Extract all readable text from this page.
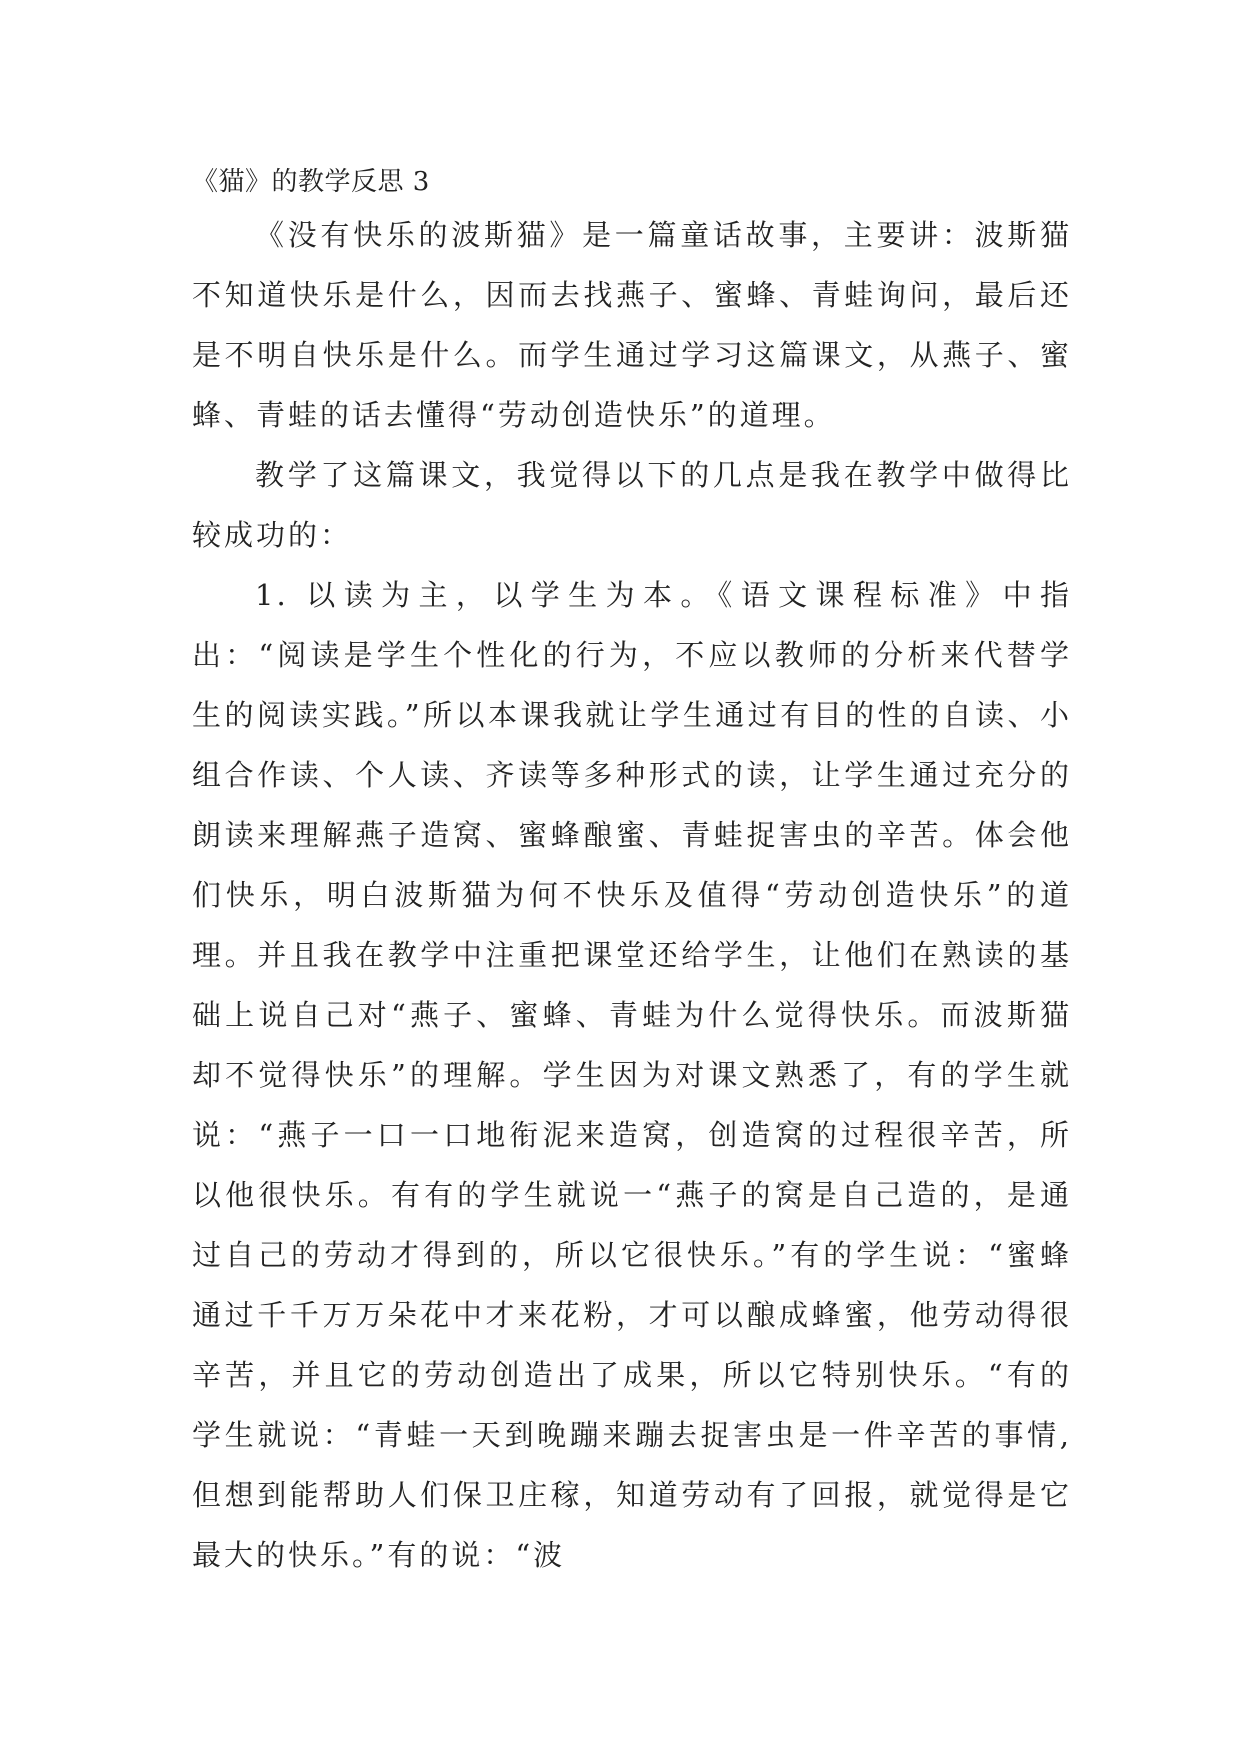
《猫》的教学反思 3

《没有快乐的波斯猫》是一篇童话故事，主要讲：波斯猫不知道快乐是什么，因而去找燕子、蜜蜂、青蛙询问，最后还是不明自快乐是什么。而学生通过学习这篇课文，从燕子、蜜蜂、青蛙的话去懂得“劳动创造快乐”的道理。

教学了这篇课文，我觉得以下的几点是我在教学中做得比较成功的：

1. 以读为主，以学生为本。《语文课程标准》中指出：“阅读是学生个性化的行为，不应以教师的分析来代替学生的阅读实践。”所以本课我就让学生通过有目的性的自读、小组合作读、个人读、齐读等多种形式的读，让学生通过充分的朗读来理解燕子造窝、蜜蜂酿蜜、青蛙捉害虫的辛苦。体会他们快乐，明白波斯猫为何不快乐及值得“劳动创造快乐”的道理。并且我在教学中注重把课堂还给学生，让他们在熟读的基础上说自己对“燕子、蜜蜂、青蛙为什么觉得快乐。而波斯猫却不觉得快乐”的理解。学生因为对课文熟悉了，有的学生就说：“燕子一口一口地衔泥来造窝，创造窝的过程很辛苦，所以他很快乐。有有的学生就说一“燕子的窝是自己造的，是通过自己的劳动才得到的，所以它很快乐。”有的学生说：“蜜蜂通过千千万万朵花中才来花粉，才可以酿成蜂蜜，他劳动得很辛苦，并且它的劳动创造出了成果，所以它特别快乐。“有的学生就说：“青蛙一天到晚蹦来蹦去捉害虫是一件辛苦的事情,但想到能帮助人们保卫庄稼，知道劳动有了回报，就觉得是它最大的快乐。”有的说：“波
